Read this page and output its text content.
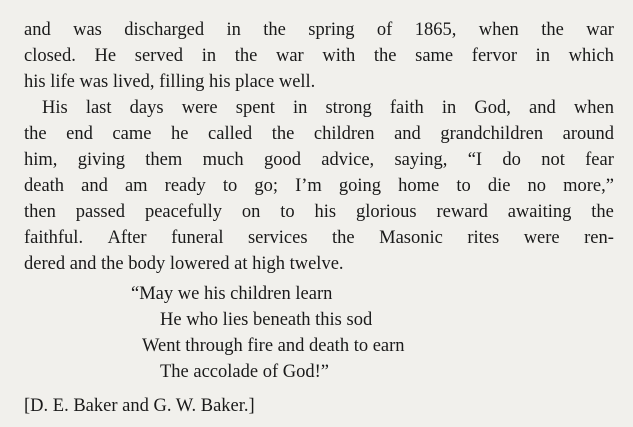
and was discharged in the spring of 1865, when the war
closed. He served in the war with the same fervor in which
his life was lived, filling his place well.
His last days were spent in strong faith in God, and when
the end came he called the children and grandchildren around
him, giving them much good advice, saying, “I do not fear
death and am ready to go; I’m going home to die no more,”
then passed peacefully on to his glorious reward awaiting the
faithful. After funeral services the Masonic rites were ren-
dered and the body lowered at high twelve.
“May we his children learn
He who lies beneath this sod
Went through fire and death to earn
The accolade of God!”
[D. E. Baker and G. W. Baker.]
